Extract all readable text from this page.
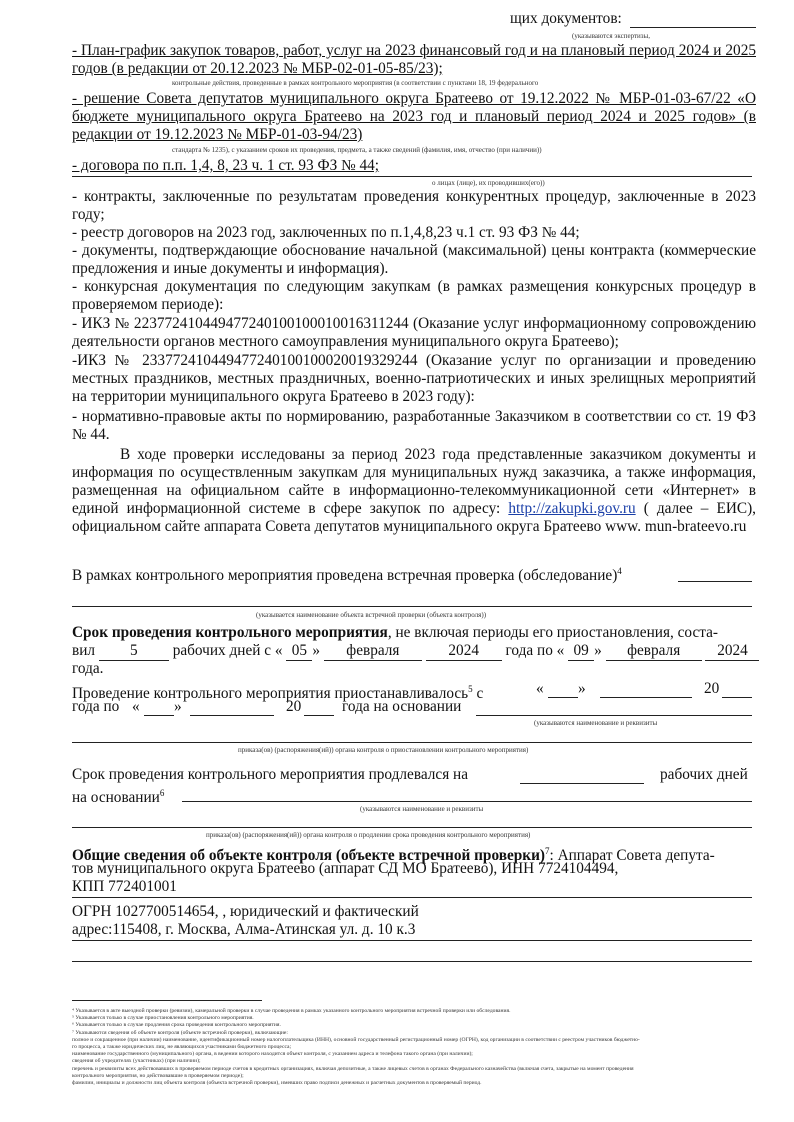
щих документов:
(указываются экспертизы,
- План-график закупок товаров, работ, услуг на 2023 финансовый год и на плановый период 2024 и 2025 годов (в редакции от 20.12.2023 № МБР-02-01-05-85/23);
контрольные действия, проведенные в рамках контрольного мероприятия (в соответствии с пунктами 18, 19 федерального
- решение Совета депутатов муниципального округа Братеево от 19.12.2022 № МБР-01-03-67/22 «О бюджете муниципального округа Братеево на 2023 год и плановый период 2024 и 2025 годов» (в редакции от 19.12.2023 № МБР-01-03-94/23)
стандарта № 1235), с указанием сроков их проведения, предмета, а также сведений (фамилия, имя, отчество (при наличии))
- договора по п.п. 1,4, 8, 23 ч. 1 ст. 93 ФЗ № 44;
о лицах (лице), их проводивших(его))
- контракты, заключенные по результатам проведения конкурентных процедур, заключенные в 2023 году;
- реестр договоров на 2023 год, заключенных по п.1,4,8,23 ч.1 ст. 93 ФЗ № 44;
- документы, подтверждающие обоснование начальной (максимальной) цены контракта (коммерческие предложения и иные документы и информация).
- конкурсная документация по следующим закупкам (в рамках размещения конкурсных процедур в проверяемом периоде):
- ИКЗ № 223772410449477240100100010016311244 (Оказание услуг информационному сопровождению деятельности органов местного самоуправления муниципального округа Братеево);
-ИКЗ № 233772410449477240100100020019329244 (Оказание услуг по организации и проведению местных праздников, местных праздничных, военно-патриотических и иных зрелищных мероприятий на территории муниципального округа Братеево в 2023 году):
- нормативно-правовые акты по нормированию, разработанные Заказчиком в соответствии со ст. 19 ФЗ № 44.
В ходе проверки исследованы за период 2023 года представленные заказчиком документы и информация по осуществленным закупкам для муниципальных нужд заказчика, а также информация, размещенная на официальном сайте в информационно-телекоммуникационной сети «Интернет» в единой информационной системе в сфере закупок по адресу: http://zakupki.gov.ru ( далее – ЕИС), официальном сайте аппарата Совета депутатов муниципального округа Братеево www. mun-brateevo.ru
В рамках контрольного мероприятия проведена встречная проверка (обследование)$^4$
(указывается наименование объекта встречной проверки (объекта контроля))
Срок проведения контрольного мероприятия, не включая периоды его приостановления, соста-
вил 5 рабочих дней с « 05 » февраля	2024 года по « 09 » февраля 2024
года.
Проведение контрольного мероприятия приостанавливалось$^5$ с	«	»	20
года по «	»	20	года на основании
(указываются наименование и реквизиты
приказа(ов) (распоряжения(ий)) органа контроля о приостановлении контрольного мероприятия)
Срок проведения контрольного мероприятия продлевался на	рабочих дней
на основании$^6$
(указываются наименование и реквизиты
приказа(ов) (распоряжения(ий)) органа контроля о продлении срока проведения контрольного мероприятия)
Общие сведения об объекте контроля (объекте встречной проверки)$^7$: Аппарат Совета депута-
тов муниципального округа Братеево (аппарат СД МО Братеево), ИНН 7724104494,
КПП 772401001
ОГРН 1027700514654, , юридический и фактический
адрес:115408, г. Москва, Алма-Атинская ул. д. 10 к.3
⁴ Указывается в акте выездной проверки (ревизии), камеральной проверки в случае проведения в рамках указанного контрольного мероприятия встречной проверки или обследования.
⁵ Указывается только в случае приостановления контрольного мероприятия.
⁶ Указывается только в случае продления срока проведения контрольного мероприятия.
⁷ Указываются сведения об объекте контроля (объекте встречной проверки), включающие:
полное и сокращенное (при наличии) наименование, идентификационный номер налогоплательщика (ИНН), основной государственный регистрационный номер (ОГРН), код организации в соответствии с реестром участников бюджетно-
го процесса, а также юридических лиц, не являющихся участниками бюджетного процесса;
наименование государственного (муниципального) органа, в ведении которого находится объект контроля, с указанием адреса и телефона такого органа (при наличии);
сведения об учредителях (участниках) (при наличии);
перечень и реквизиты всех действовавших в проверяемом периоде счетов в кредитных организациях, включая депозитные, а также лицевых счетов в органах Федерального казначейства (включая счета, закрытые на момент проведения
контрольного мероприятия, но действовавшие в проверяемом периоде);
фамилии, инициалы и должности лиц объекта контроля (объекта встречной проверки), имевших право подписи денежных и расчетных документов в проверяемый период.
